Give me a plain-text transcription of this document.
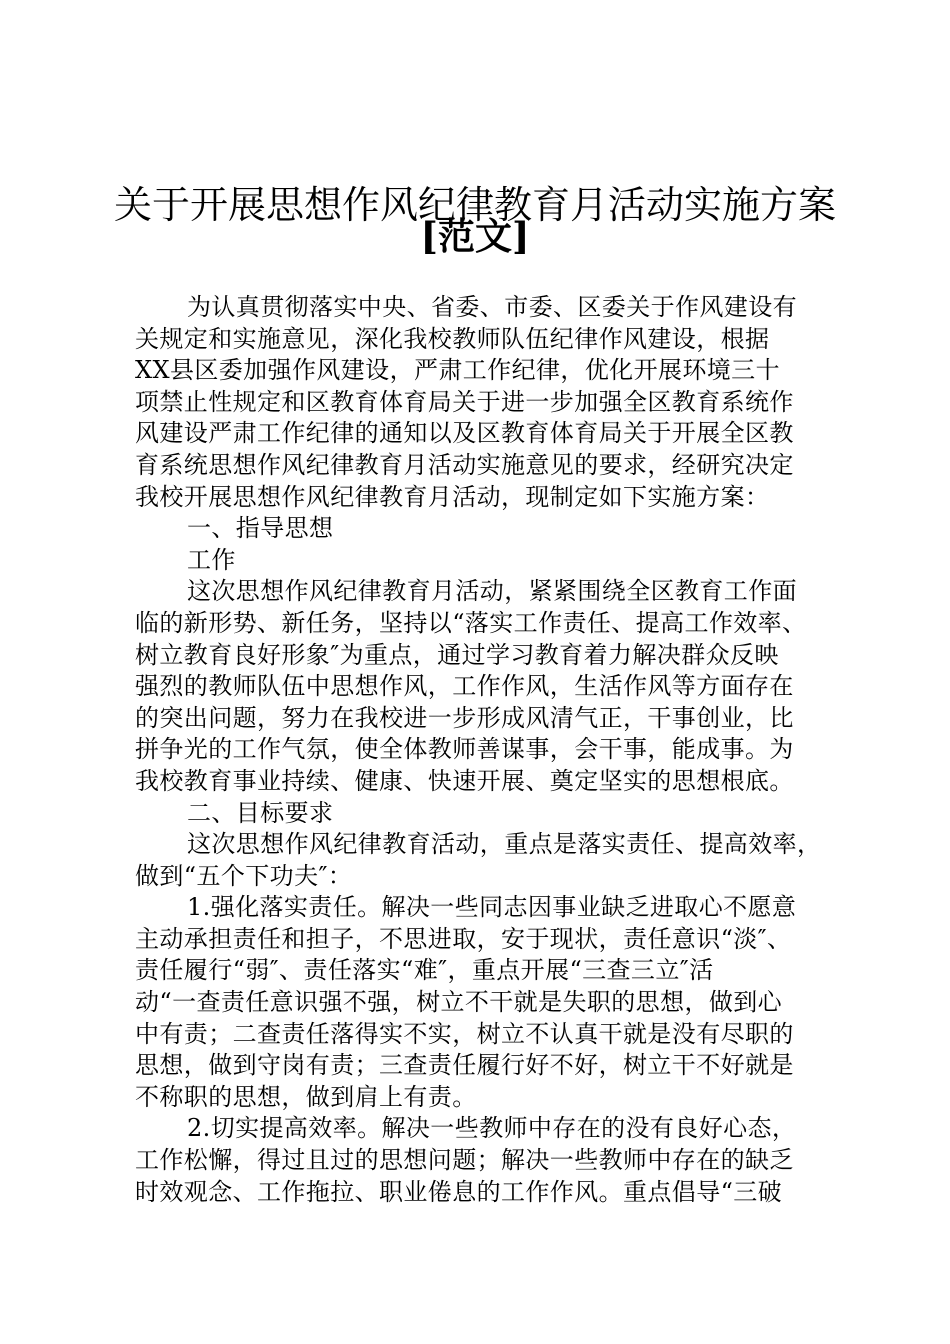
关于开展思想作风纪律教育月活动实施方案
[范文]
为认真贯彻落实中央、省委、市委、区委关于作风建设有
关规定和实施意见，深化我校教师队伍纪律作风建设，根据
XX县区委加强作风建设，严肃工作纪律，优化开展环境三十
项禁止性规定和区教育体育局关于进一步加强全区教育系统作
风建设严肃工作纪律的通知以及区教育体育局关于开展全区教
育系统思想作风纪律教育月活动实施意见的要求，经研究决定
我校开展思想作风纪律教育月活动，现制定如下实施方案：
一、指导思想
工作
这次思想作风纪律教育月活动，紧紧围绕全区教育工作面
临的新形势、新任务，坚持以“落实工作责任、提高工作效率、
树立教育良好形象″为重点，通过学习教育着力解决群众反映
强烈的教师队伍中思想作风，工作作风，生活作风等方面存在
的突出问题，努力在我校进一步形成风清气正，干事创业，比
拼争光的工作气氛，使全体教师善谋事，会干事，能成事。为
我校教育事业持续、健康、快速开展、奠定坚实的思想根底。
二、目标要求
这次思想作风纪律教育活动，重点是落实责任、提高效率，
做到“五个下功夫″：
1.强化落实责任。解决一些同志因事业缺乏进取心不愿意
主动承担责任和担子，不思进取，安于现状，责任意识“淡″、
责任履行“弱″、责任落实“难″，重点开展“三查三立″活
动“一查责任意识强不强，树立不干就是失职的思想，做到心
中有责；二查责任落得实不实，树立不认真干就是没有尽职的
思想，做到守岗有责；三查责任履行好不好，树立干不好就是
不称职的思想，做到肩上有责。
2.切实提高效率。解决一些教师中存在的没有良好心态，
工作松懈，得过且过的思想问题；解决一些教师中存在的缺乏
时效观念、工作拖拉、职业倦息的工作作风。重点倡导“三破
